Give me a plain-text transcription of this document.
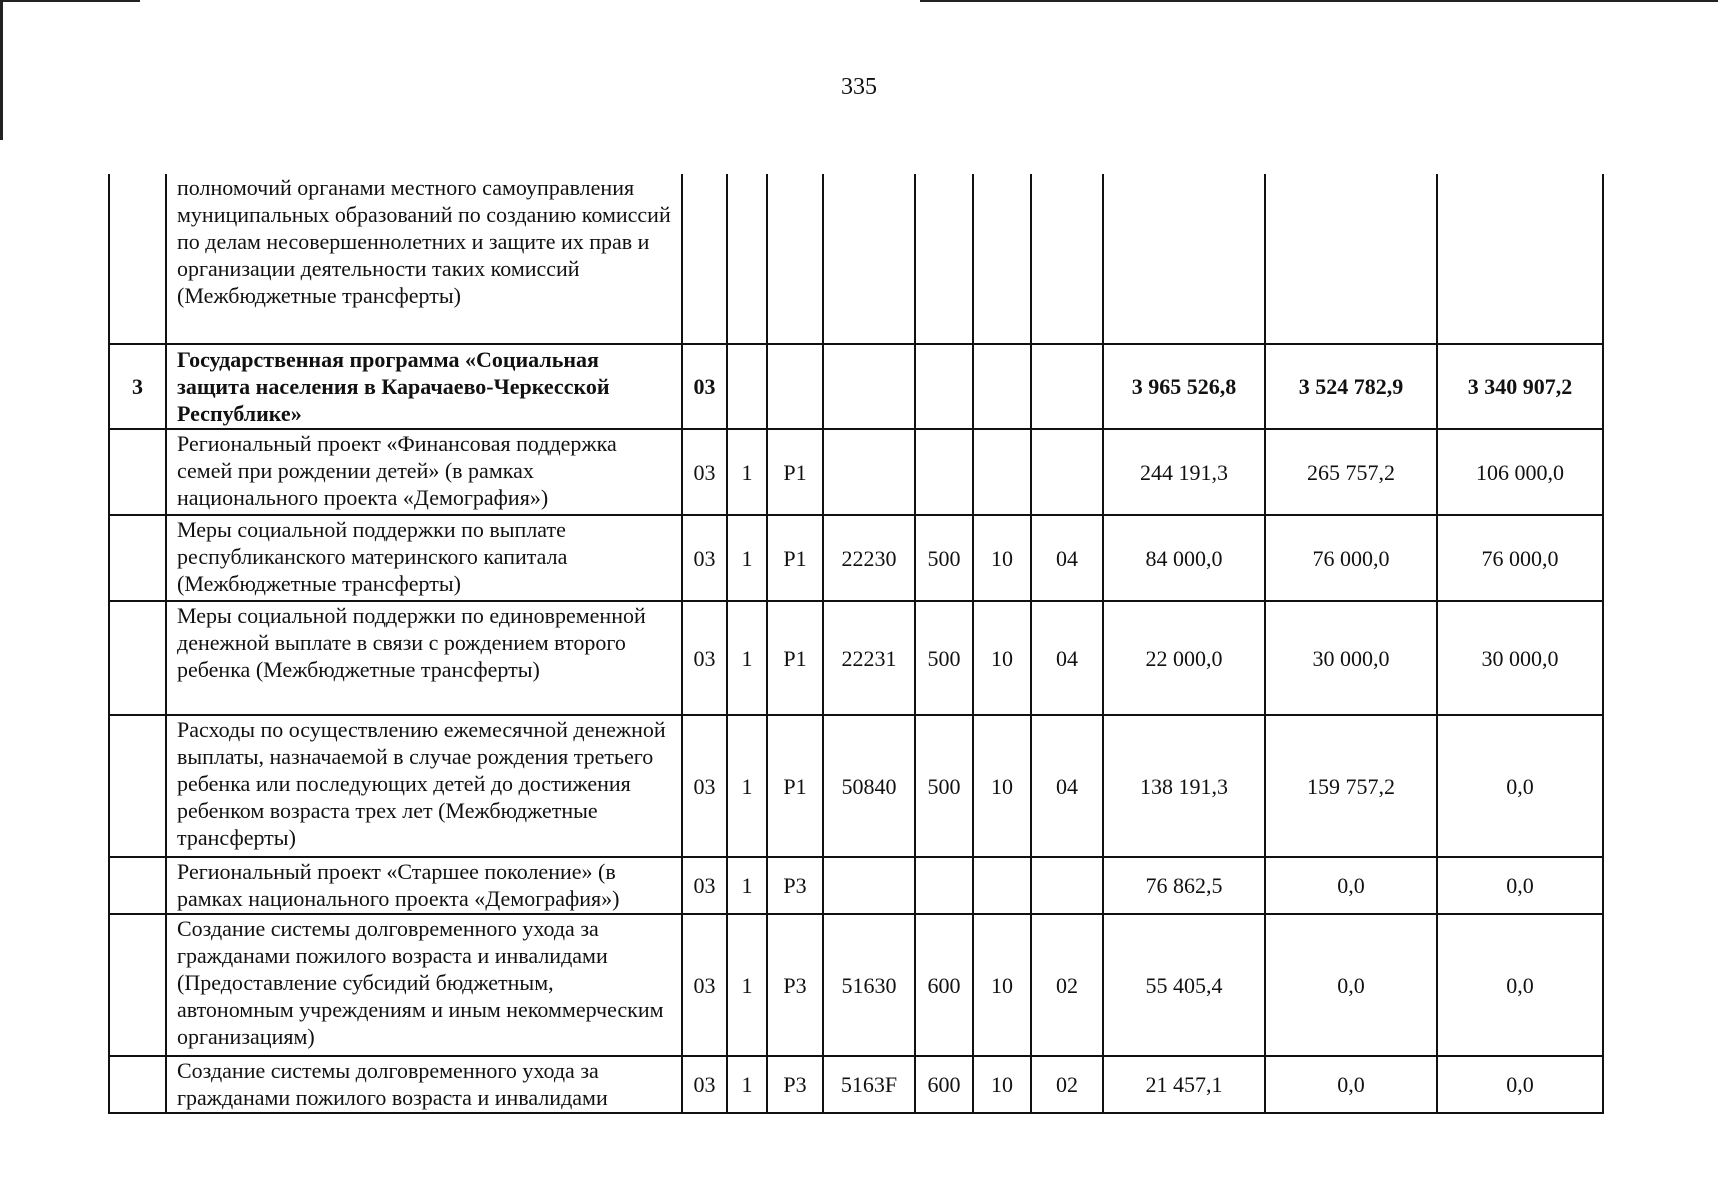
335
	полномочий органами местного самоуправления муниципальных образований по созданию комиссий по делам несовершеннолетних и защите их прав и организации деятельности таких комиссий (Межбюджетные трансферты)										
3	Государственная программа «Социальная защита населения в Карачаево-Черкесской Республике»	03							3 965 526,8	3 524 782,9	3 340 907,2
	Региональный проект «Финансовая поддержка семей при рождении детей» (в рамках национального проекта «Демография»)	03	1	P1					244 191,3	265 757,2	106 000,0
	Меры социальной поддержки по выплате республиканского материнского капитала (Межбюджетные трансферты)	03	1	P1	22230	500	10	04	84 000,0	76 000,0	76 000,0
	Меры социальной поддержки по единовременной денежной выплате в связи с рождением второго ребенка (Межбюджетные трансферты)	03	1	P1	22231	500	10	04	22 000,0	30 000,0	30 000,0
	Расходы по осуществлению ежемесячной денежной выплаты, назначаемой в случае рождения третьего ребенка или последующих детей до достижения ребенком возраста трех лет (Межбюджетные трансферты)	03	1	P1	50840	500	10	04	138 191,3	159 757,2	0,0
	Региональный проект «Старшее поколение» (в рамках национального проекта «Демография»)	03	1	P3					76 862,5	0,0	0,0
	Создание системы долговременного ухода за гражданами пожилого возраста и инвалидами (Предоставление субсидий бюджетным, автономным учреждениям и иным некоммерческим организациям)	03	1	P3	51630	600	10	02	55 405,4	0,0	0,0
	Создание системы долговременного ухода за гражданами пожилого возраста и инвалидами	03	1	P3	5163F	600	10	02	21 457,1	0,0	0,0
